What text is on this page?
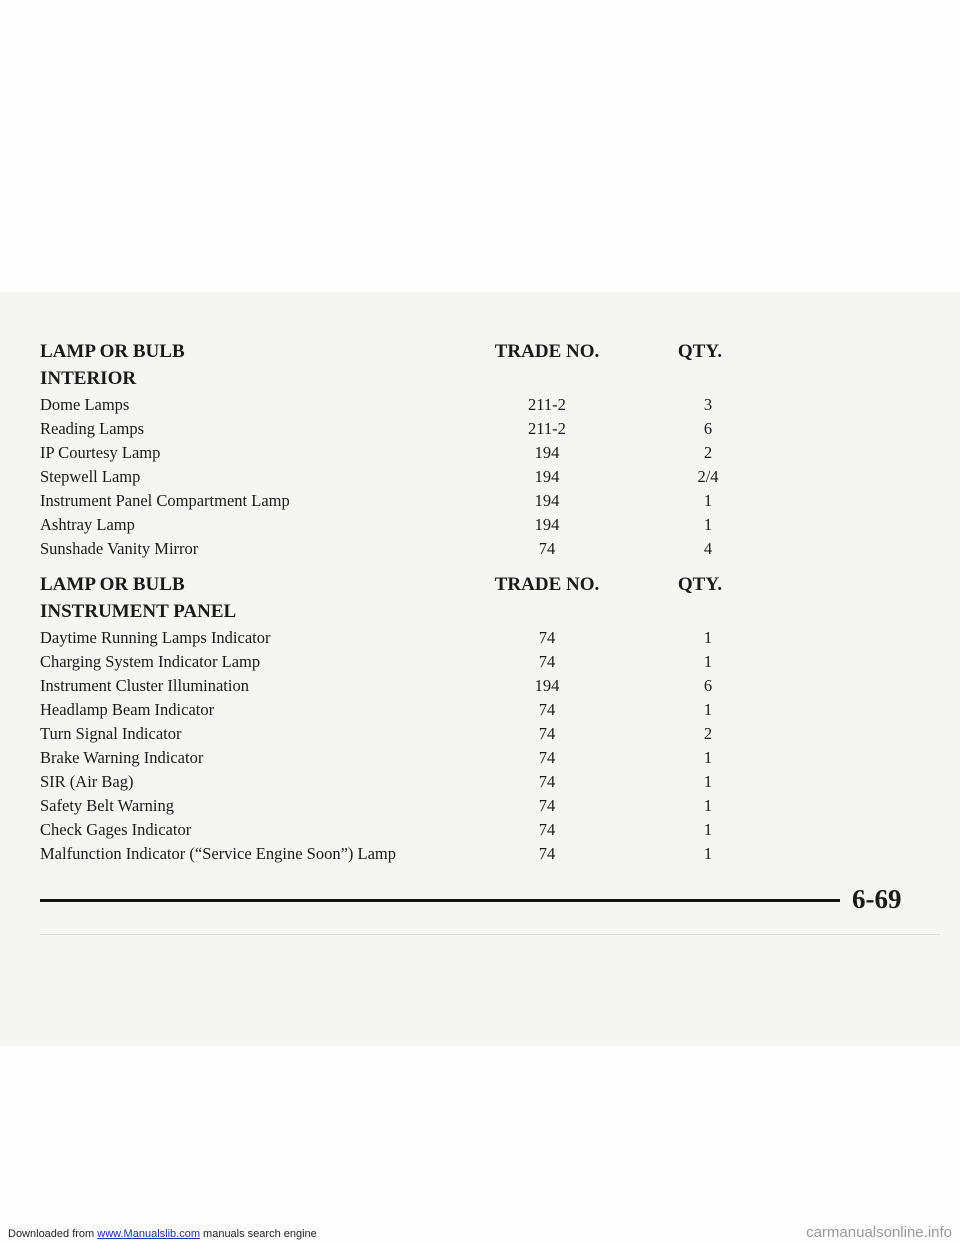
LAMP OR BULB	TRADE NO.	QTY.
INTERIOR
Dome Lamps	211-2	3
Reading Lamps	211-2	6
IP Courtesy Lamp	194	2
Stepwell Lamp	194	2/4
Instrument Panel Compartment Lamp	194	1
Ashtray Lamp	194	1
Sunshade Vanity Mirror	74	4
LAMP OR BULB	TRADE NO.	QTY.
INSTRUMENT PANEL
Daytime Running Lamps Indicator	74	1
Charging System Indicator Lamp	74	1
Instrument Cluster Illumination	194	6
Headlamp Beam Indicator	74	1
Turn Signal Indicator	74	2
Brake Warning Indicator	74	1
SIR (Air Bag)	74	1
Safety Belt Warning	74	1
Check Gages Indicator	74	1
Malfunction Indicator (“Service Engine Soon”) Lamp	74	1
6-69
Downloaded from www.Manualslib.com manuals search engine	carmanualsonline.info
